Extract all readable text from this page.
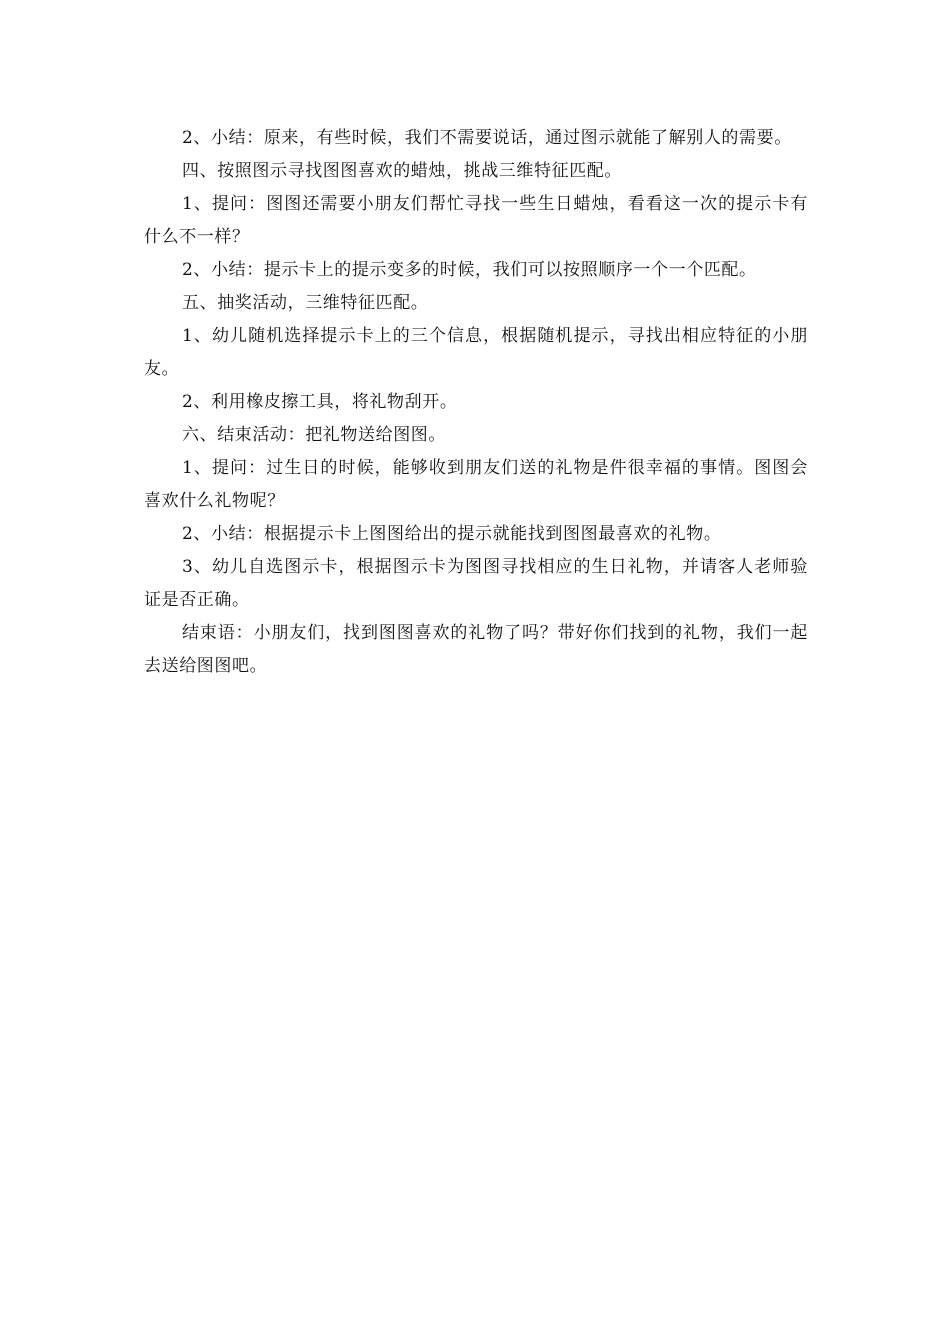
2、小结：原来，有些时候，我们不需要说话，通过图示就能了解别人的需要。

四、按照图示寻找图图喜欢的蜡烛，挑战三维特征匹配。

1、提问：图图还需要小朋友们帮忙寻找一些生日蜡烛，看看这一次的提示卡有什么不一样？

2、小结：提示卡上的提示变多的时候，我们可以按照顺序一个一个匹配。

五、抽奖活动，三维特征匹配。

1、幼儿随机选择提示卡上的三个信息，根据随机提示，寻找出相应特征的小朋友。

2、利用橡皮擦工具，将礼物刮开。

六、结束活动：把礼物送给图图。

1、提问：过生日的时候，能够收到朋友们送的礼物是件很幸福的事情。图图会喜欢什么礼物呢？

2、小结：根据提示卡上图图给出的提示就能找到图图最喜欢的礼物。

3、幼儿自选图示卡，根据图示卡为图图寻找相应的生日礼物，并请客人老师验证是否正确。

结束语：小朋友们，找到图图喜欢的礼物了吗？带好你们找到的礼物，我们一起去送给图图吧。
